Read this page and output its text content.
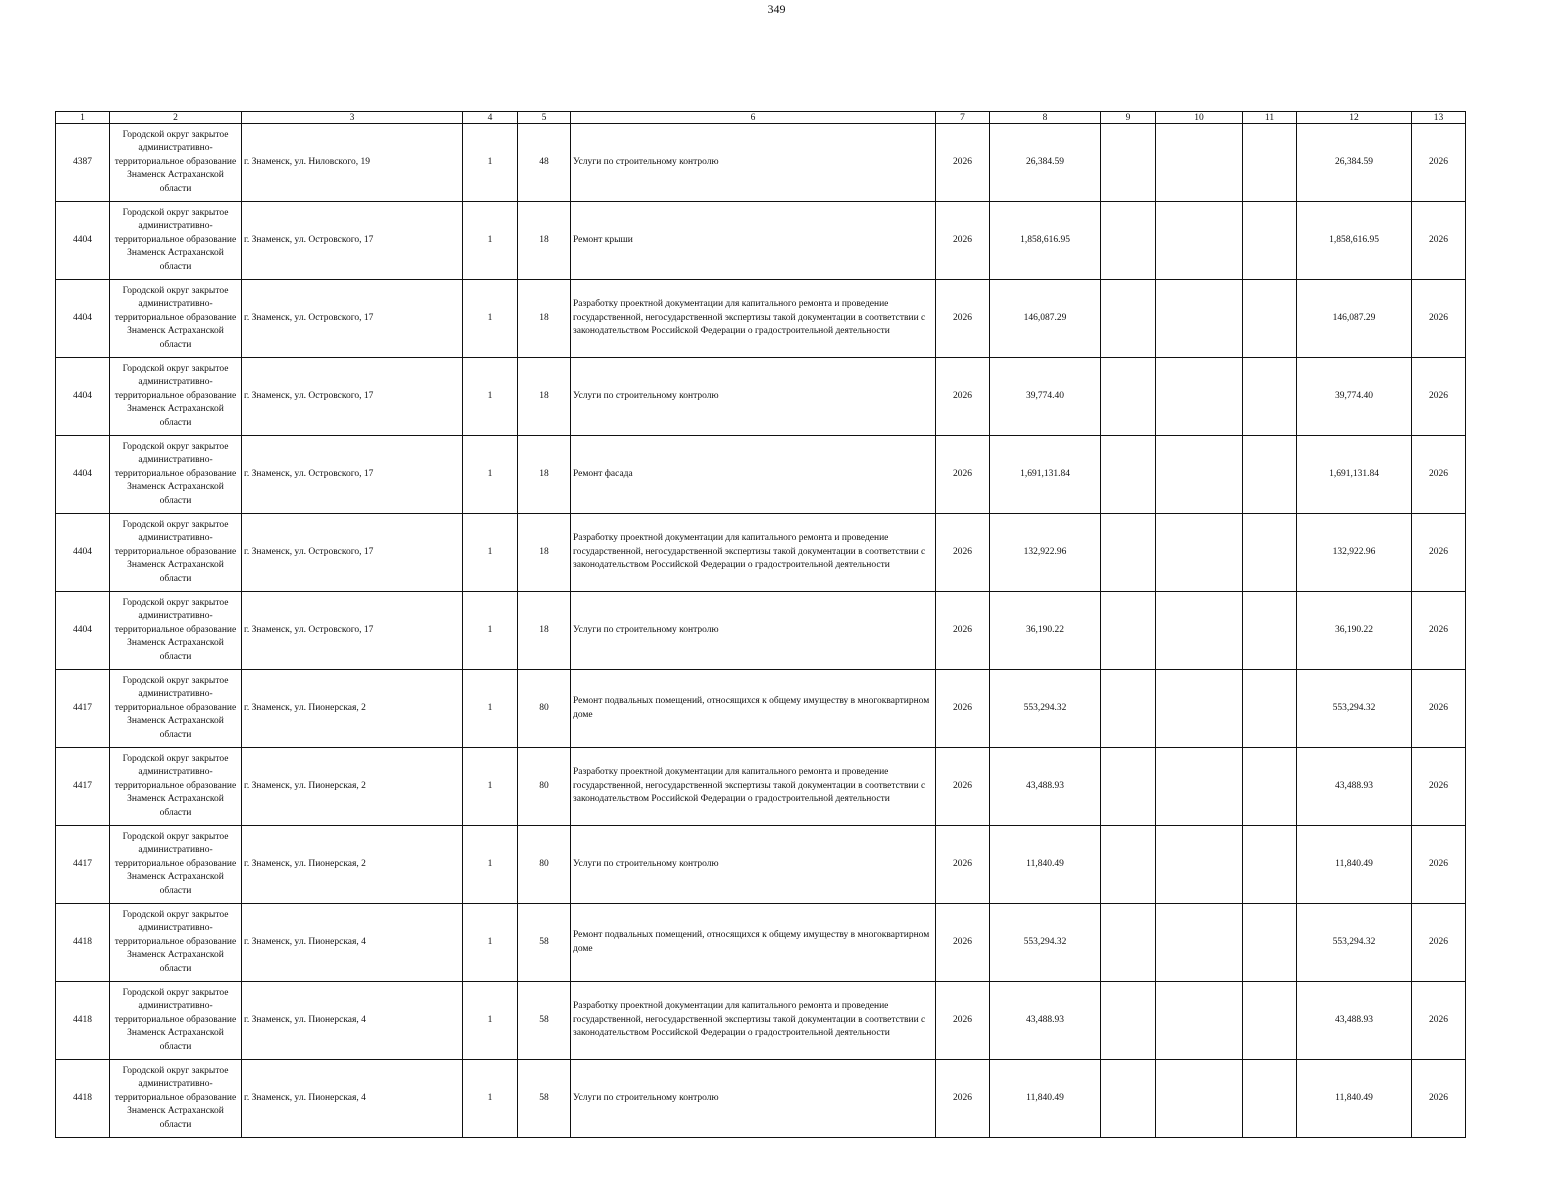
349
1	2	3	4	5	6	7	8	9	10	11	12	13
4387	Городской округ закрытое административно-территориальное образование Знаменск Астраханской области	г. Знаменск, ул. Ниловского, 19	1	48	Услуги по строительному контролю	2026	26,384.59				26,384.59	2026
4404	Городской округ закрытое административно-территориальное образование Знаменск Астраханской области	г. Знаменск, ул. Островского, 17	1	18	Ремонт крыши	2026	1,858,616.95				1,858,616.95	2026
4404	Городской округ закрытое административно-территориальное образование Знаменск Астраханской области	г. Знаменск, ул. Островского, 17	1	18	Разработку проектной документации для капитального ремонта и проведение государственной, негосударственной экспертизы такой документации в соответствии с законодательством Российской Федерации о градостроительной деятельности	2026	146,087.29				146,087.29	2026
4404	Городской округ закрытое административно-территориальное образование Знаменск Астраханской области	г. Знаменск, ул. Островского, 17	1	18	Услуги по строительному контролю	2026	39,774.40				39,774.40	2026
4404	Городской округ закрытое административно-территориальное образование Знаменск Астраханской области	г. Знаменск, ул. Островского, 17	1	18	Ремонт фасада	2026	1,691,131.84				1,691,131.84	2026
4404	Городской округ закрытое административно-территориальное образование Знаменск Астраханской области	г. Знаменск, ул. Островского, 17	1	18	Разработку проектной документации для капитального ремонта и проведение государственной, негосударственной экспертизы такой документации в соответствии с законодательством Российской Федерации о градостроительной деятельности	2026	132,922.96				132,922.96	2026
4404	Городской округ закрытое административно-территориальное образование Знаменск Астраханской области	г. Знаменск, ул. Островского, 17	1	18	Услуги по строительному контролю	2026	36,190.22				36,190.22	2026
4417	Городской округ закрытое административно-территориальное образование Знаменск Астраханской области	г. Знаменск, ул. Пионерская, 2	1	80	Ремонт подвальных помещений, относящихся к общему имуществу в многоквартирном доме	2026	553,294.32				553,294.32	2026
4417	Городской округ закрытое административно-территориальное образование Знаменск Астраханской области	г. Знаменск, ул. Пионерская, 2	1	80	Разработку проектной документации для капитального ремонта и проведение государственной, негосударственной экспертизы такой документации в соответствии с законодательством Российской Федерации о градостроительной деятельности	2026	43,488.93				43,488.93	2026
4417	Городской округ закрытое административно-территориальное образование Знаменск Астраханской области	г. Знаменск, ул. Пионерская, 2	1	80	Услуги по строительному контролю	2026	11,840.49				11,840.49	2026
4418	Городской округ закрытое административно-территориальное образование Знаменск Астраханской области	г. Знаменск, ул. Пионерская, 4	1	58	Ремонт подвальных помещений, относящихся к общему имуществу в многоквартирном доме	2026	553,294.32				553,294.32	2026
4418	Городской округ закрытое административно-территориальное образование Знаменск Астраханской области	г. Знаменск, ул. Пионерская, 4	1	58	Разработку проектной документации для капитального ремонта и проведение государственной, негосударственной экспертизы такой документации в соответствии с законодательством Российской Федерации о градостроительной деятельности	2026	43,488.93				43,488.93	2026
4418	Городской округ закрытое административно-территориальное образование Знаменск Астраханской области	г. Знаменск, ул. Пионерская, 4	1	58	Услуги по строительному контролю	2026	11,840.49				11,840.49	2026
